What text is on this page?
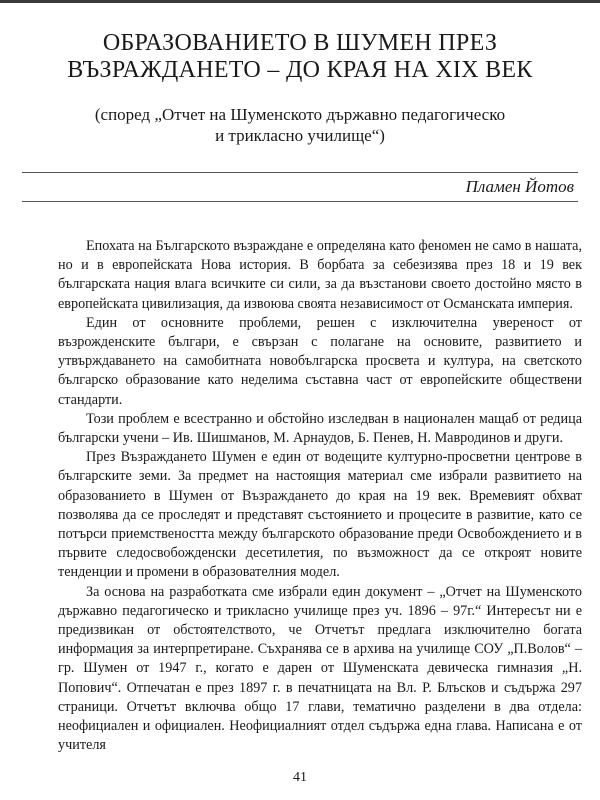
ОБРАЗОВАНИЕТО В ШУМЕН ПРЕЗ
ВЪЗРАЖДАНЕТО – ДО КРАЯ НА XIX ВЕК
(според „Отчет на Шуменското държавно педагогическо
и трикласно училище“)
Пламен Йотов

Епохата на Българското възраждане е определяна като феномен не само в нашата, но и в европейската Нова история. В борбата за себезизява през 18 и 19 век българската нация влага всичките си сили, за да възстанови своето достойно място в европейската цивилизация, да извоюва своята независимост от Османската империя.

Един от основните проблеми, решен с изключителна увереност от възрожденските българи, е свързан с полагане на основите, развитието и утвърждаването на самобитната новобългарска просвета и култура, на светското българско образование като неделима съставна част от европейските обществени стандарти.

Този проблем е всестранно и обстойно изследван в национален мащаб от редица български учени – Ив. Шишманов, М. Арнаудов, Б. Пенев, Н. Мавродинов и други.

През Възраждането Шумен е един от водещите културно-просветни центрове в българските земи. За предмет на настоящия материал сме избрали развитието на образованието в Шумен от Възраждането до края на 19 век. Времевият обхват позволява да се проследят и представят състоянието и процесите в развитие, като се потърси приемствеността между българското образование преди Освобождението и в първите следосвобожденски десетилетия, по възможност да се откроят новите тенденции и промени в образователния модел.

За основа на разработката сме избрали един документ – „Отчет на Шуменското държавно педагогическо и трикласно училище през уч. 1896 – 97г.“ Интересът ни е предизвикан от обстоятелството, че Отчетът предлага изключително богата информация за интерпретиране. Съхранява се в архива на училище СОУ „П.Волов“ – гр. Шумен от 1947 г., когато е дарен от Шуменската девическа гимназия „Н. Попович“. Отпечатан е през 1897 г. в печатницата на Вл. Р. Блъсков и съдържа 297 страници. Отчетът включва общо 17 глави, тематично разделени в два отдела: неофициален и официален. Неофициалният отдел съдържа една глава. Написана е от учителя

41
